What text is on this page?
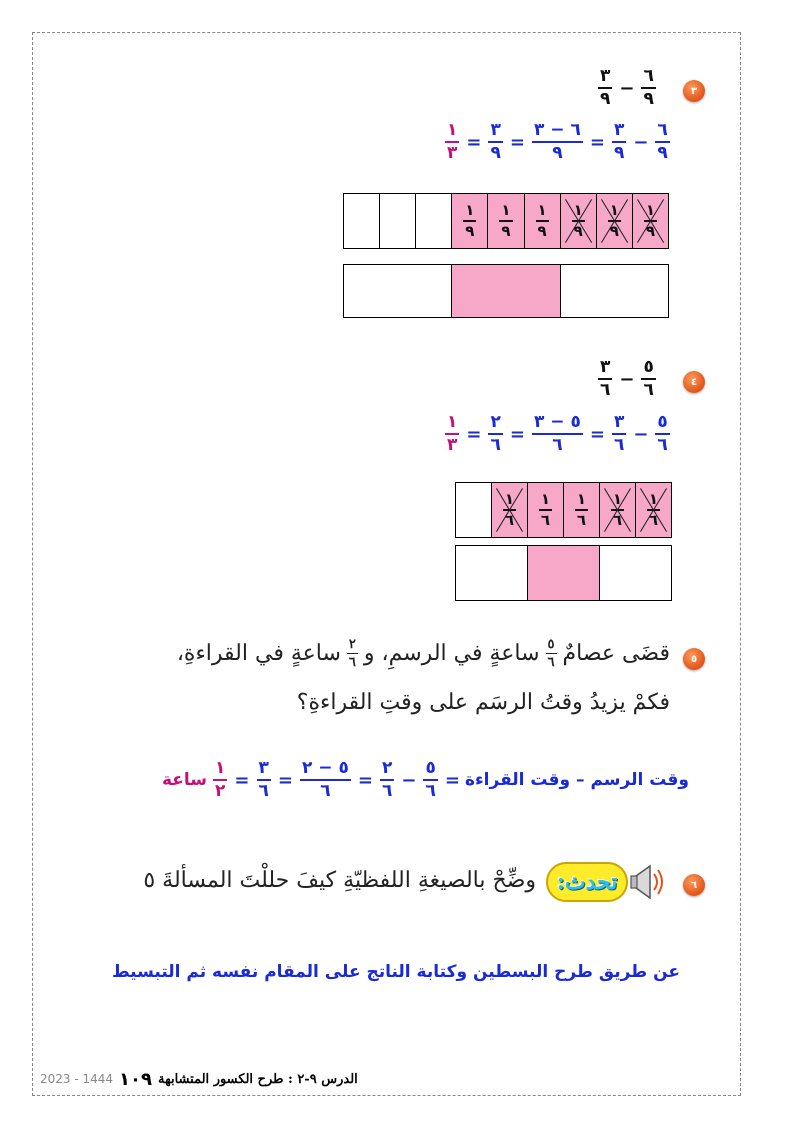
٣
$\frac{٣}{٩} - \frac{٦}{٩}$
$\frac{١}{٣} = \frac{٣}{٩} = \frac{٦ - ٣}{٩} = \frac{٣}{٩} - \frac{٦}{٩}$
$\frac{١}{٩} \frac{١}{٩} \frac{١}{٩} \frac{١}{٩} \frac{١}{٩} \frac{١}{٩}$
٤
$\frac{٣}{٦} - \frac{٥}{٦}$
$\frac{١}{٣} = \frac{٢}{٦} = \frac{٥ - ٣}{٦} = \frac{٣}{٦} - \frac{٥}{٦}$
$\frac{١}{٦} \frac{١}{٦} \frac{١}{٦} \frac{١}{٦} \frac{١}{٦}$
٥
قضَى عصامٌ
$\frac{٥}{٦}$
ساعةٍ في الرسمِ، و
$\frac{٢}{٦}$
ساعةٍ في القراءةِ،
فكمْ يزيدُ وقتُ الرسَم على وقتِ القراءةِ؟
ساعة $\frac{١}{٢} = \frac{٣}{٦} = \frac{٥ - ٢}{٦} = \frac{٢}{٦} - \frac{٥}{٦}$ = وقت الرسم – وقت القراءة
٦
تحدث:
وضِّحْ بالصيغةِ اللفظيّةِ كيفَ حللْتَ المسألةَ ٥
عن طريق طرح البسطين وكتابة الناتج على المقام نفسه ثم التبسيط
2023 - 1444 ١٠٩ الدرس ٩-٢ : طرح الكسور المتشابهة
